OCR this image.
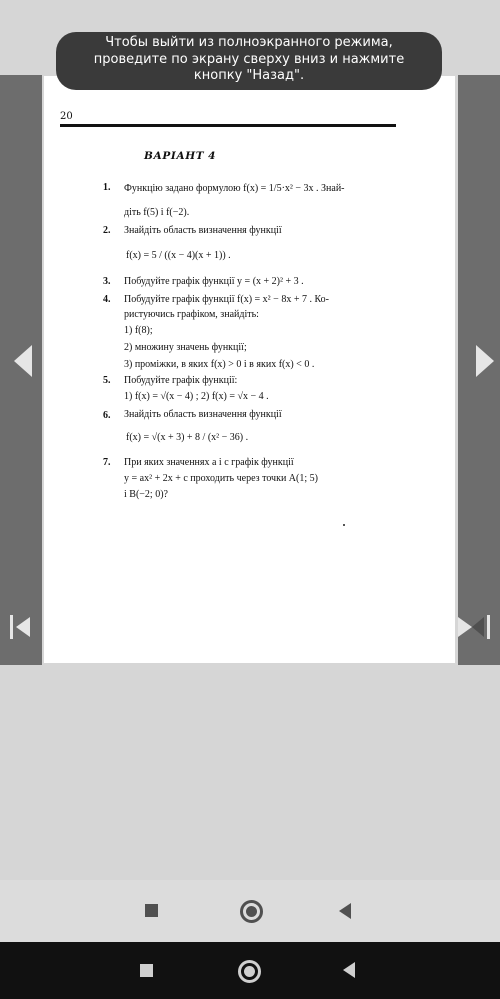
Чтобы выйти из полноэкранного режима,
проведите по экрану сверху вниз и нажмите
кнопку "Назад".
20
ВАРІАНТ 4
1. Функцію задано формулою f(x) = 1/5·x² − 3x . Знай-
діть f(5) і f(−2).
2. Знайдіть область визначення функції
f(x) = 5 / ((x − 4)(x + 1)) .
3. Побудуйте графік функції y = (x + 2)² + 3 .
4. Побудуйте графік функції f(x) = x² − 8x + 7 . Ко-
ристуючись графіком, знайдіть:
1) f(8);
2) множину значень функції;
3) проміжки, в яких f(x) > 0 і в яких f(x) < 0 .
5. Побудуйте графік функції:
1) f(x) = √(x − 4) ; 2) f(x) = √x − 4 .
6. Знайдіть область визначення функції
f(x) = √(x + 3) + 8 / (x² − 36) .
7. При яких значеннях a і c графік функції
y = ax² + 2x + c проходить через точки A(1; 5)
і B(−2; 0)?
